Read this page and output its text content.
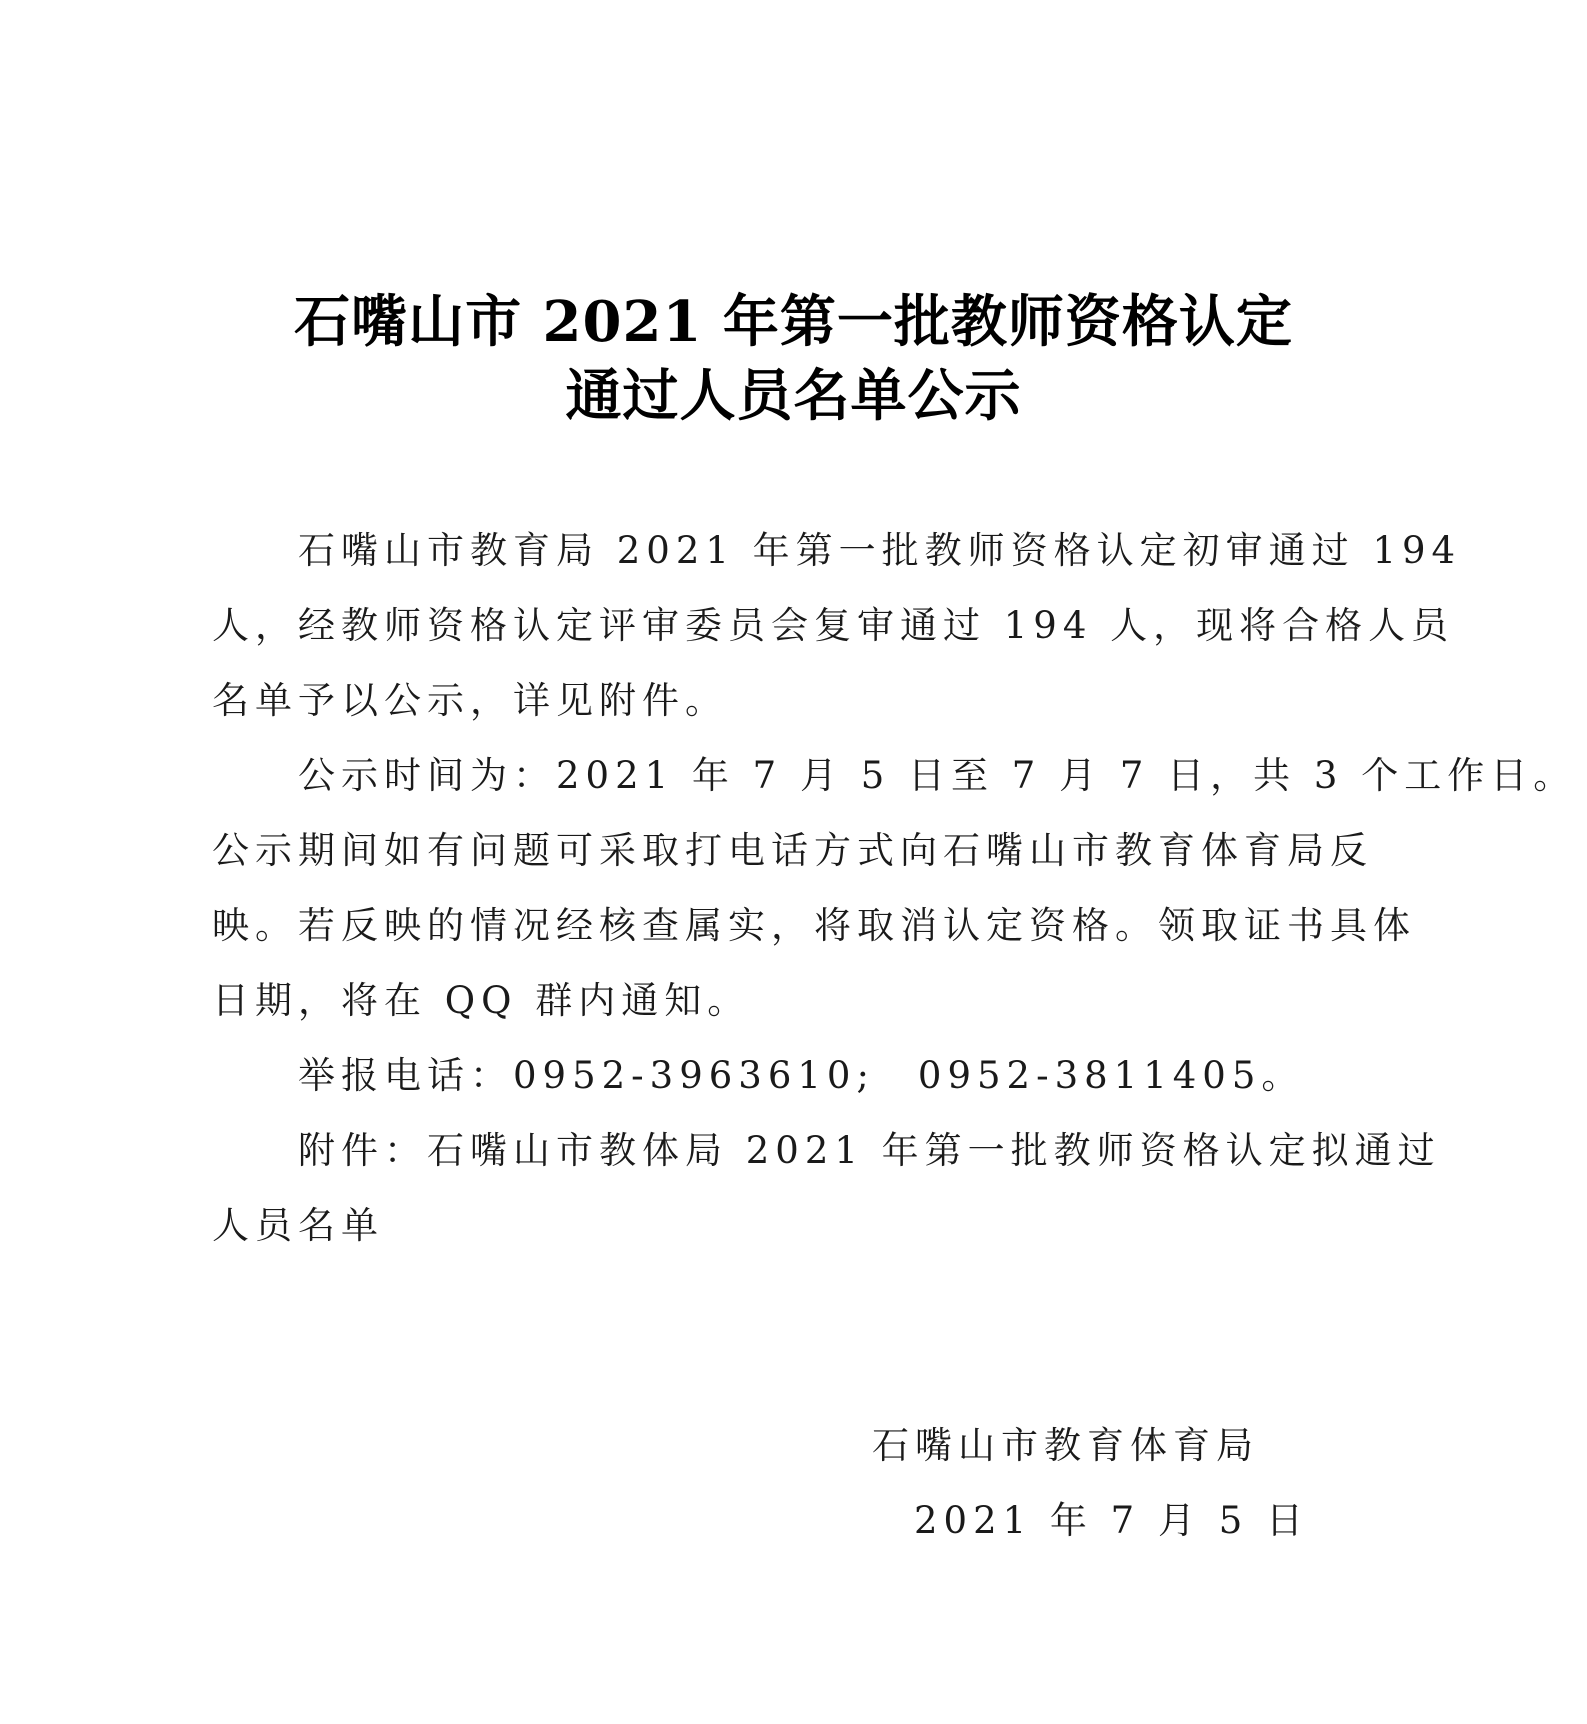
石嘴山市 2021 年第一批教师资格认定
通过人员名单公示
石嘴山市教育局 2021 年第一批教师资格认定初审通过 194
人，经教师资格认定评审委员会复审通过 194 人，现将合格人员
名单予以公示，详见附件。
公示时间为：2021 年 7 月 5 日至 7 月 7 日，共 3 个工作日。
公示期间如有问题可采取打电话方式向石嘴山市教育体育局反
映。若反映的情况经核查属实，将取消认定资格。领取证书具体
日期，将在 QQ 群内通知。
举报电话：0952-3963610;　0952-3811405。
附件：石嘴山市教体局 2021 年第一批教师资格认定拟通过
人员名单
石嘴山市教育体育局
2021 年 7 月 5 日
